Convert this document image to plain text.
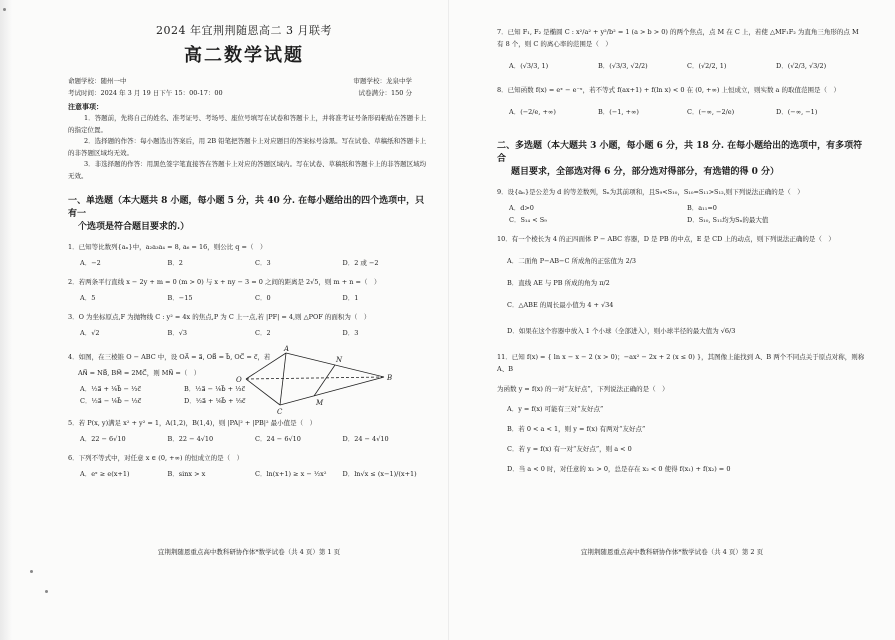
2024 年宜荆荆随恩高二 3 月联考
高二数学试题
命题学校：随州一中	审题学校：龙泉中学
考试时间：2024 年 3 月 19 日下午 15：00-17：00	试卷满分：150 分
注意事项：
1．答题前，先将自己的姓名、准考证号、考场号、座位号填写在试卷和答题卡上，并将准考证号条形码粘贴在答题卡上的指定位置。
2．选择题的作答：每小题选出答案后，用 2B 铅笔把答题卡上对应题目的答案标号涂黑。写在试卷、草稿纸和答题卡上的非答题区域均无效。
3．非选择题的作答：用黑色签字笔直接答在答题卡上对应的答题区域内。写在试卷、草稿纸和答题卡上的非答题区域均无效。
一、单选题（本大题共 8 小题，每小题 5 分，共 40 分. 在每小题给出的四个选项中，只有一
个选项是符合题目要求的.）
1．已知等比数列{aₙ}中，a₂a₃a₄ = 8, a₆ = 16，则公比 q =（　）
A．−2	B．2	C．3	D．2 或 −2
2．若两条平行直线 x − 2y + m = 0 (m > 0) 与 x + ny − 3 = 0 之间的距离是 2√5，则 m + n =（　）
A．5	B．−15	C．0	D．1
3．O 为坐标原点,F 为抛物线 C : y² = 4x 的焦点,P 为 C 上一点,若 |PF| = 4,则 △POF 的面积为（　）
A．√2	B．√3	C．2	D．3
4．如图，在三棱锥 O − ABC 中，设 OA⃗ = a⃗, OB⃗ = b⃗, OC⃗ = c⃗，若
AN⃗ = NB⃗, BM⃗ = 2MC⃗，则 MN⃗ =（　）
A．½a⃗ + ⅙b⃗ − ⅓c⃗	B．½a⃗ − ⅙b⃗ + ⅓c⃗
C．½a⃗ − ⅙b⃗ − ⅓c⃗	D．½a⃗ + ⅙b⃗ + ⅓c⃗
A
N
O	B
M
C
5．若 P(x, y)满足 x² + y² = 1，A(1,2)，B(1,4)，则 |PA|² + |PB|² 最小值是（　）
A．22 − 6√10	B．22 − 4√10	C．24 − 6√10	D．24 − 4√10
6．下列不等式中，对任意 x ∈ (0, +∞) 的恒成立的是（　）
A．eˣ ≥ e(x+1)	B．sinx > x	C．ln(x+1) ≥ x − ½x²	D．ln√x ≤ (x−1)/(x+1)
宜荆荆随恩重点高中教科研协作体*数学试卷（共 4 页）第 1 页
7．已知 F₁, F₂ 是椭圆 C : x²/a² + y²/b² = 1 (a > b > 0) 的两个焦点，点 M 在 C 上，若使 △MF₁F₂ 为直角三角形的点 M 有 8 个，则 C 的离心率的范围是（　）
A．(√3/3, 1)	B．(√3/3, √2/2)	C．(√2/2, 1)	D．(√2/3, √3/2)
8．已知函数 f(x) = eˣ − e⁻ˣ，若不等式 f(ax+1) + f(ln x) < 0 在 (0, +∞) 上恒成立，则实数 a 的取值范围是（　）
A．(−2/e, +∞)	B．(−1, +∞)	C．(−∞, −2/e)	D．(−∞, −1)
二、多选题（本大题共 3 小题，每小题 6 分，共 18 分. 在每小题给出的选项中，有多项符合
题目要求，全部选对得 6 分，部分选对得部分，有选错的得 0 分）
9．设{aₙ}是公差为 d 的等差数列，Sₙ为其前项和，且S₉<S₁₀，S₁₀=S₁₁>S₁₂,则下列说法正确的是（　）
A．d>0	B．a₁₁=0
C．S₁₄ < S₉	D．S₁₀, S₁₁均为Sₙ的最大值
10．有一个棱长为 4 的正四面体 P − ABC 容器，D 是 PB 的中点，E 是 CD 上的动点，则下列说法正确的是（　）
A．二面角 P−AB−C 所成角的正弦值为 2/3
B．直线 AE 与 PB 所成的角为 π/2
C．△ABE 的周长最小值为 4 + √34
D．如果在这个容器中放入 1 个小球（全部进入），则小球半径的最大值为 √6/3
11．已知 f(x) = { ln x − x − 2 (x > 0)；−ax² − 2x + 2 (x ≤ 0) }，其图像上能找到 A、B 两个不同点关于原点对称，则称 A、B
为函数 y = f(x) 的一对“友好点”，下列说法正确的是（　）
A．y = f(x) 可能有三对“友好点”
B．若 0 < a < 1，则 y = f(x) 有两对“友好点”
C．若 y = f(x) 有一对“友好点”，则 a < 0
D．当 a < 0 时，对任意的 x₁ > 0，总是存在 x₂ < 0 使得 f(x₁) + f(x₂) = 0
宜荆荆随恩重点高中教科研协作体*数学试卷（共 4 页）第 2 页
